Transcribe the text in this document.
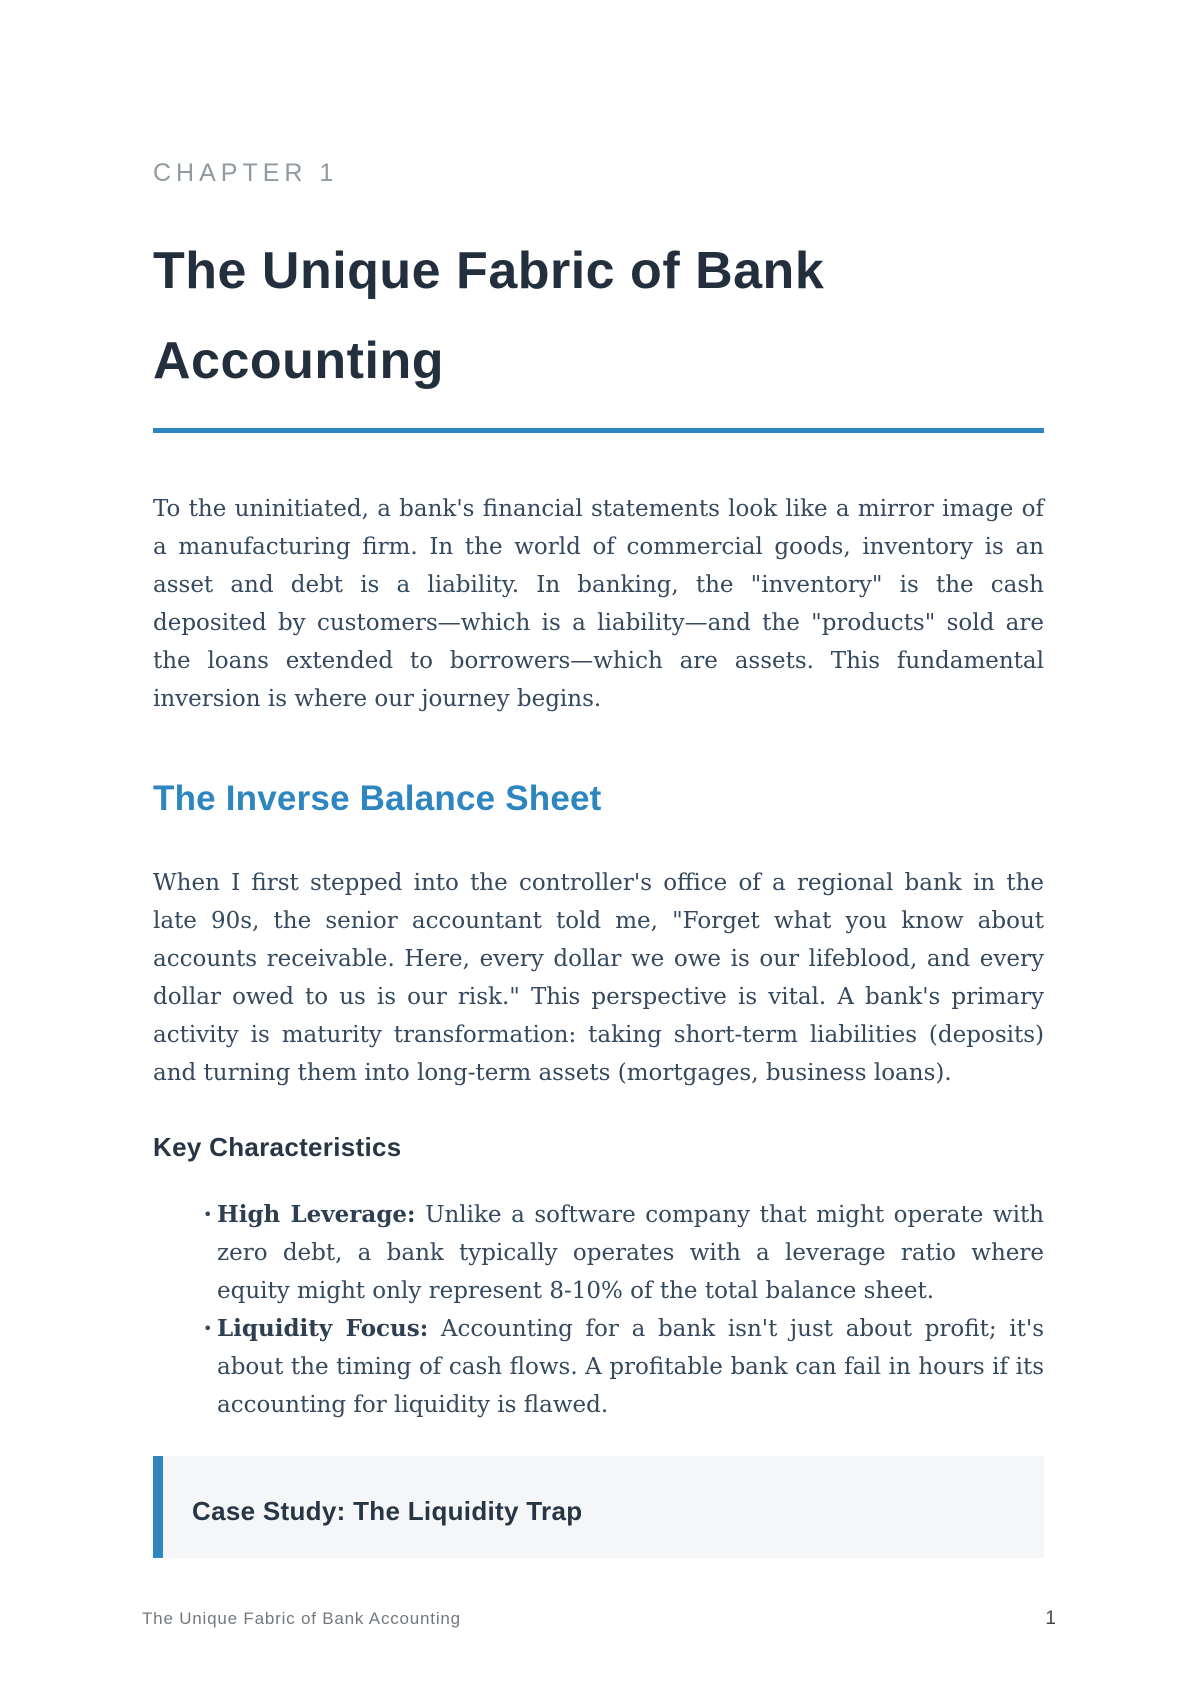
CHAPTER 1
The Unique Fabric of Bank Accounting

To the uninitiated, a bank's financial statements look like a mirror image of a manufacturing firm. In the world of commercial goods, inventory is an asset and debt is a liability. In banking, the "inventory" is the cash deposited by customers—which is a liability—and the "products" sold are the loans extended to borrowers—which are assets. This fundamental inversion is where our journey begins.

The Inverse Balance Sheet

When I first stepped into the controller's office of a regional bank in the late 90s, the senior accountant told me, "Forget what you know about accounts receivable. Here, every dollar we owe is our lifeblood, and every dollar owed to us is our risk." This perspective is vital. A bank's primary activity is maturity transformation: taking short-term liabilities (deposits) and turning them into long-term assets (mortgages, business loans).

Key Characteristics
• High Leverage: Unlike a software company that might operate with zero debt, a bank typically operates with a leverage ratio where equity might only represent 8-10% of the total balance sheet.
• Liquidity Focus: Accounting for a bank isn't just about profit; it's about the timing of cash flows. A profitable bank can fail in hours if its accounting for liquidity is flawed.
Case Study: The Liquidity Trap
The Unique Fabric of Bank Accounting	1
